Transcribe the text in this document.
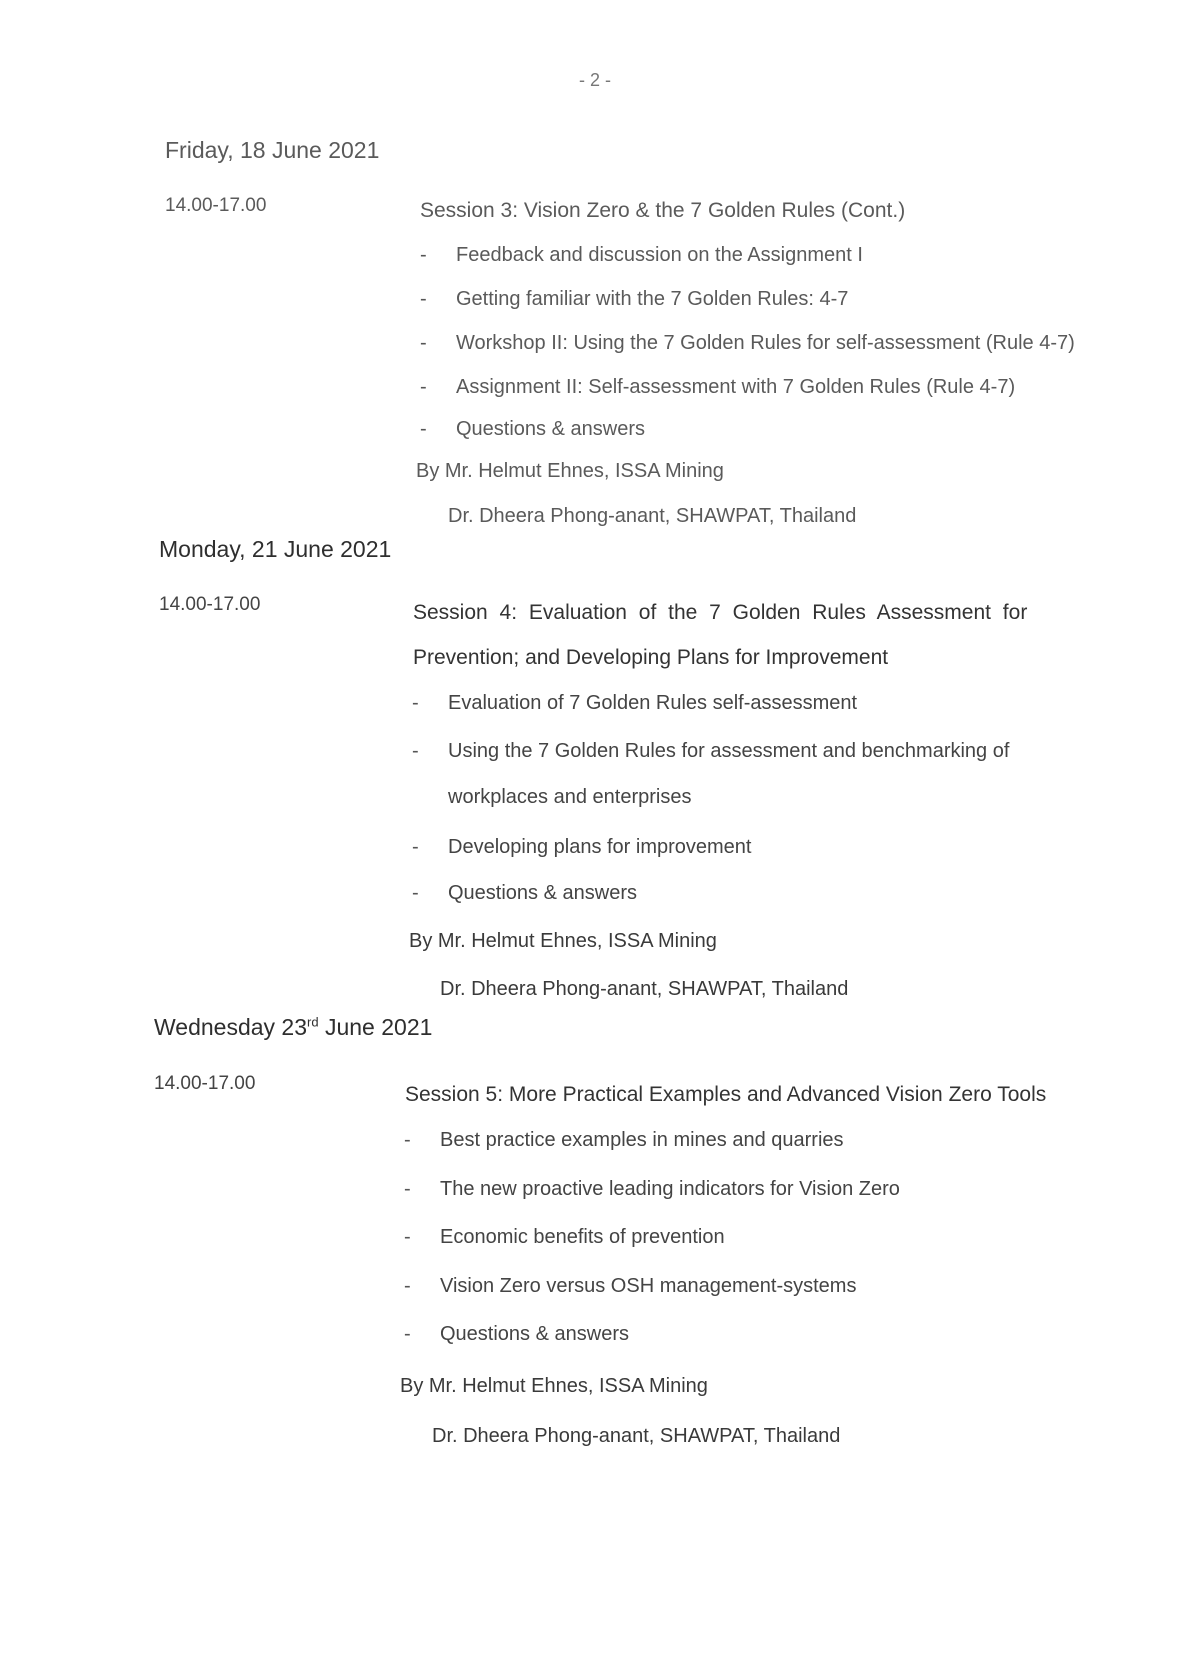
- 2 -
Friday, 18 June 2021
14.00-17.00	Session 3: Vision Zero & the 7 Golden Rules (Cont.)
- Feedback and discussion on the Assignment I
- Getting familiar with the 7 Golden Rules: 4-7
- Workshop II: Using the 7 Golden Rules for self-assessment (Rule 4-7)
- Assignment II: Self-assessment with 7 Golden Rules (Rule 4-7)
- Questions & answers
By Mr. Helmut Ehnes, ISSA Mining
Dr. Dheera Phong-anant, SHAWPAT, Thailand
Monday, 21 June 2021
14.00-17.00	Session 4: Evaluation of the 7 Golden Rules Assessment for
Prevention; and Developing Plans for Improvement
- Evaluation of 7 Golden Rules self-assessment
- Using the 7 Golden Rules for assessment and benchmarking of
workplaces and enterprises
- Developing plans for improvement
- Questions & answers
By Mr. Helmut Ehnes, ISSA Mining
Dr. Dheera Phong-anant, SHAWPAT, Thailand
Wednesday 23rd June 2021
14.00-17.00	Session 5: More Practical Examples and Advanced Vision Zero Tools
- Best practice examples in mines and quarries
- The new proactive leading indicators for Vision Zero
- Economic benefits of prevention
- Vision Zero versus OSH management-systems
- Questions & answers
By Mr. Helmut Ehnes, ISSA Mining
Dr. Dheera Phong-anant, SHAWPAT, Thailand
